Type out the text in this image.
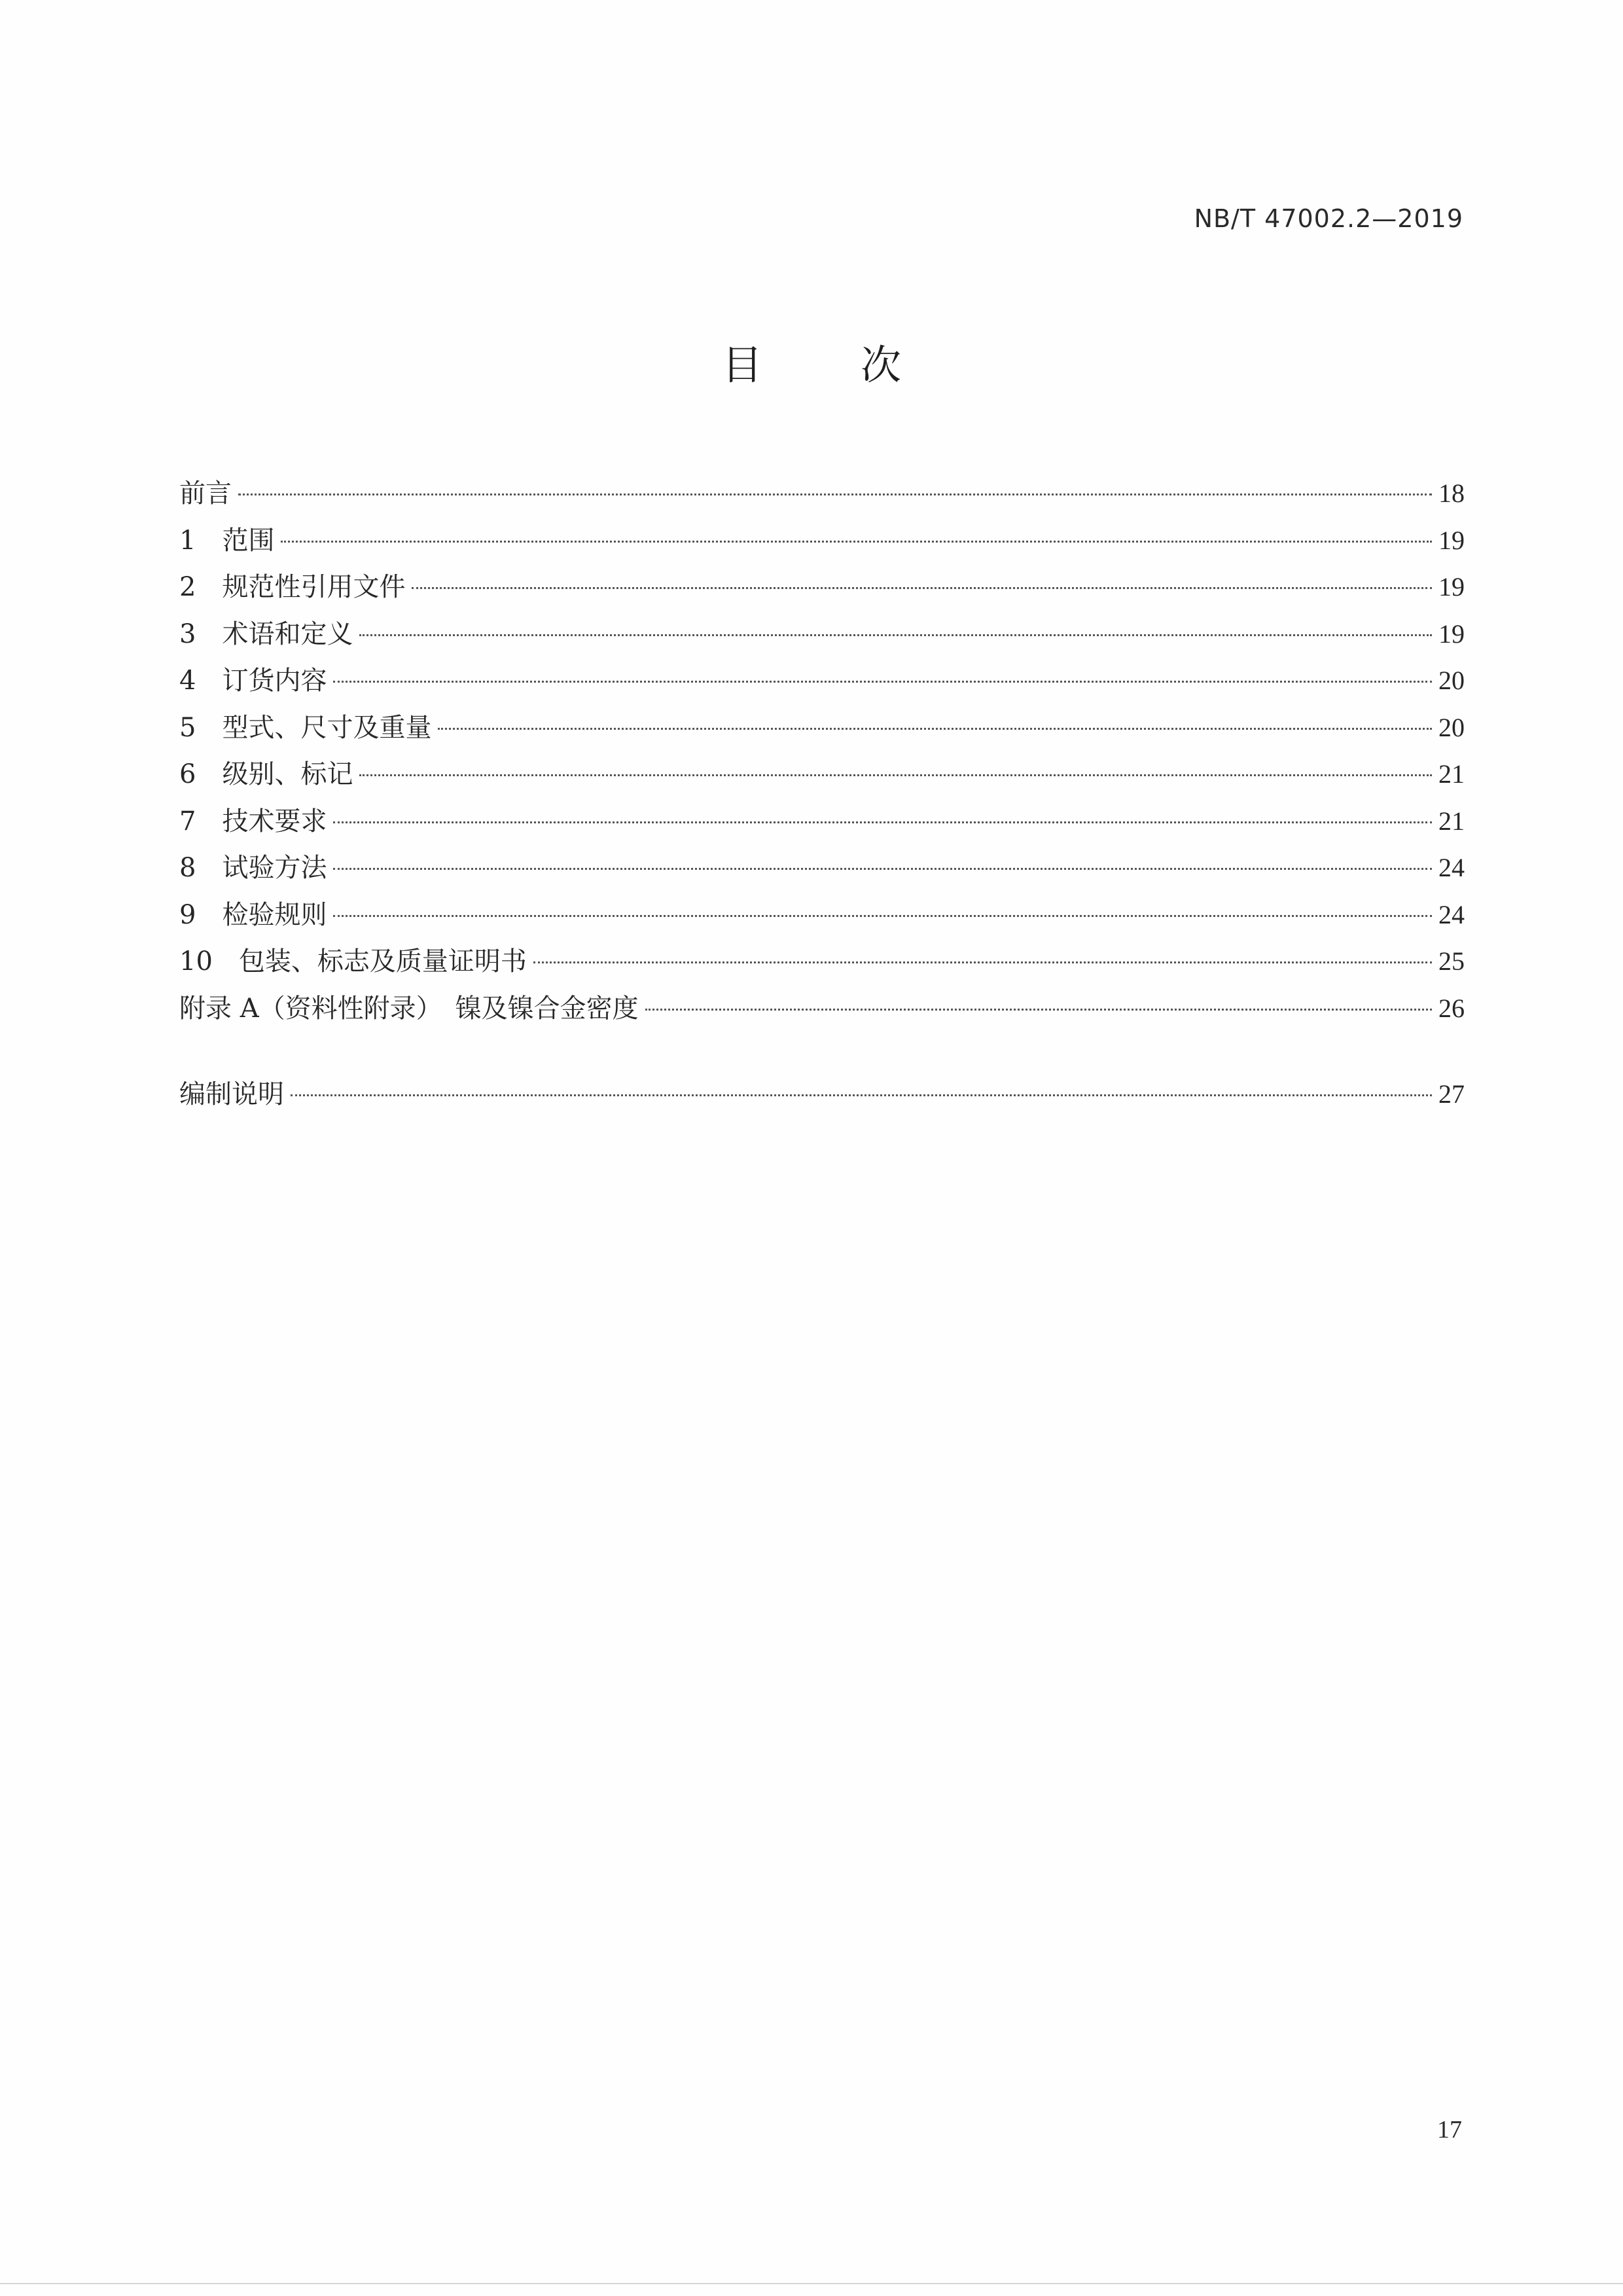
NB/T 47002.2—2019
目次
前言	18
1　范围	19
2　规范性引用文件	19
3　术语和定义	19
4　订货内容	20
5　型式、尺寸及重量	20
6　级别、标记	21
7　技术要求	21
8　试验方法	24
9　检验规则	24
10　包装、标志及质量证明书	25
附录 A（资料性附录）　镍及镍合金密度	26
编制说明	27
17
